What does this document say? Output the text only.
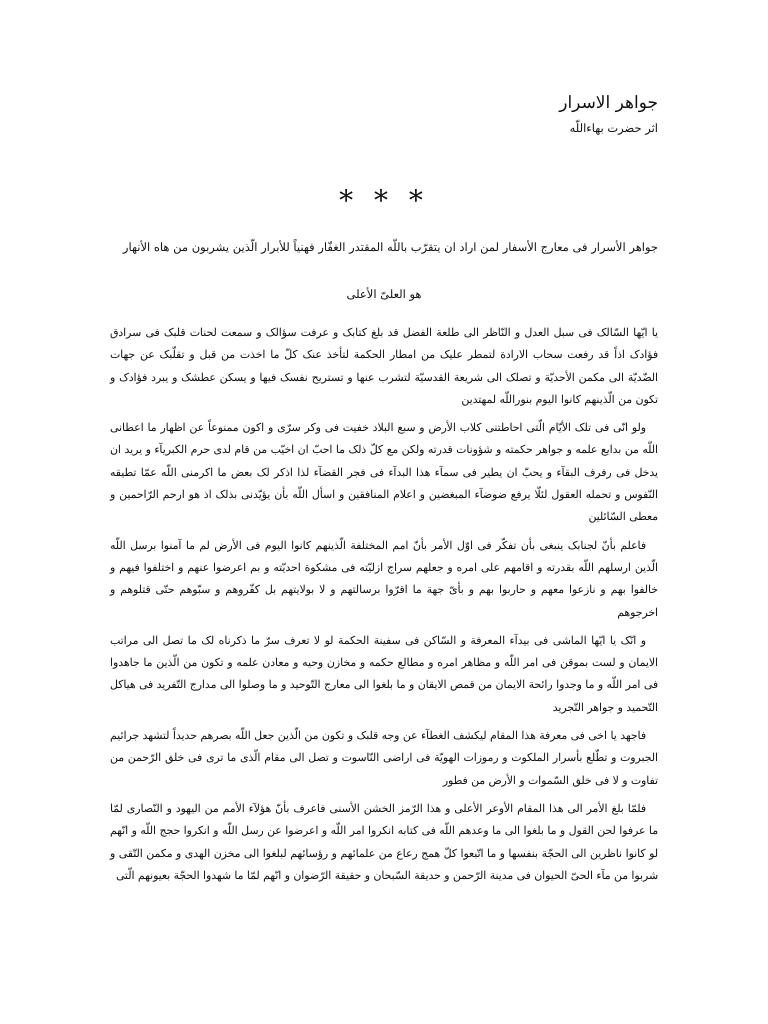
جواهر الاسرار
اثر حضرت بهاءاللّه
* * *

جواهر الأسرار فی معارج الأسفار لمن اراد ان یتقرّب باللّه المقتدر الغفّار فهنیاً للأبرار الّذین یشربون من هاه الأنهار

هو العلیّ الأعلی

یا ایّها السّالک فی سبل العدل و النّاظر الی طلعة الفضل قد بلغ کتابک و عرفت سؤالک و سمعت لحنات قلبک فی سرادق فؤادک اذاً قد رفعت سحاب الارادة لتمطر علیک من امطار الحکمة لتأخذ عنک کلّ ما اخذت من قبل و تقلّبک عن جهات الضّدیّة الی مکمن الأحدیّة و تصلک الی شریعة القدسیّة لتشرب عنها و تستریح نفسک فیها و یسکن عطشک و یبرد فؤادک و تکون من الّذینهم کانوا الیوم بنوراللّه لمهتدین

ولو انّی فی تلک الأیّام الّتی احاطتنی کلاب الأرض و سبع البلاد خفیت فی وکر سرّی و اکون ممنوعاً عن اظهار ما اعطانی اللّه من بدایع علمه و جواهر حکمته و شؤونات قدرته ولکن مع کلّ ذلک ما احبّ ان اخیّب من قام لدی حرم الکبریآء و یرید ان یدخل فی رفرف البقآء و یحبّ ان یطیر فی سمآء هذا البدآء فی فجر القضآء لذا اذکر لک بعض ما اکرمنی اللّه عمّا تطیقه النّفوس و تحمله العقول لئلّا یرفع ضوضآء المبغضین و اعلام المنافقین و اسأل اللّه بأن یؤیّدنی بذلک اذ هو ارحم الرّاحمین و معطی السّائلین

فاعلم بأنّ لجنابک ینبغی بأن تفکّر فی اوّل الأمر بأنّ امم المختلفة الّذینهم کانوا الیوم فی الأرض لم ما آمنوا برسل اللّه الّذین ارسلهم اللّه بقدرته و اقامهم علی امره و جعلهم سراج ازلیّته فی مشکوة احدیّته و بم اعرضوا عنهم و اختلفوا فیهم و خالفوا بهم و نازعوا معهم و حاربوا بهم و بأیّ جهة ما اقرّوا برسالتهم و لا بولایتهم بل کفّروهم و سبّوهم حتّی قتلوهم و اخرجوهم

و انّک یا ایّها الماشی فی بیدآء المعرفة و السّاکن فی سفینة الحکمة لو لا تعرف سرّ ما ذکرناه لک ما تصل الی مراتب الایمان و لست بموقن فی امر اللّه و مظاهر امره و مطالع حکمه و مخازن وحیه و معادن علمه و تکون من الّذین ما جاهدوا فی امر اللّه و ما وجدوا رائحة الایمان من قمص الایقان و ما بلغوا الی معارج التّوحید و ما وصلوا الی مدارج التّفرید فی هیاکل التّحمید و جواهر التّجرید

فاجهد یا اخی فی معرفة هذا المقام لیکشف الغطآء عن وجه قلبک و تکون من الّذین جعل اللّه بصرهم حدیداً لتشهد جرائیم الجبروت و تطّلع بأسرار الملکوت و رموزات الهویّة فی اراضی النّاسوت و تصل الی مقام الّذی ما تری فی خلق الرّحمن من تفاوت و لا فی خلق السّموات و الأرض من فطور

فلمّا بلغ الأمر الی هذا المقام الأوعر الأعلی و هذا الرّمز الخشن الأسنی فاعرف بأنّ هؤلآء الأمم من الیهود و النّصاری لمّا ما عرفوا لحن القول و ما بلغوا الی ما وعدهم اللّه فی کتابه انکروا امر اللّه و اعرضوا عن رسل اللّه و انکروا حجج اللّه و انّهم لو کانوا ناظرین الی الحجّة بنفسها و ما اتّبعوا کلّ همج رعاع من علمائهم و رؤسائهم لبلغوا الی مخزن الهدی و مکمن التّقی و شربوا من مآء الحیّ الحیوان فی مدینة الرّحمن و حدیقة السّبحان و حقیقة الرّضوان و انّهم لمّا ما شهدوا الحجّة بعیونهم الّتی
